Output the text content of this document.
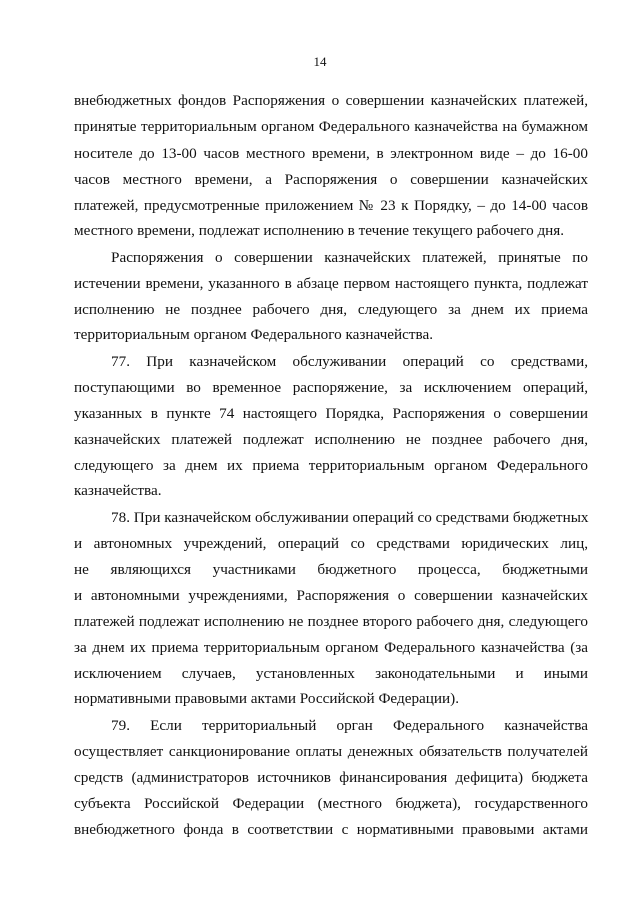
14
внебюджетных фондов Распоряжения о совершении казначейских платежей,
принятые территориальным органом Федерального казначейства на бумажном
носителе до 13-00 часов местного времени, в электронном виде – до 16-00
часов местного времени, а Распоряжения о совершении казначейских
платежей, предусмотренные приложением № 23 к Порядку, – до 14-00 часов
местного времени, подлежат исполнению в течение текущего рабочего дня.
Распоряжения о совершении казначейских платежей, принятые по
истечении времени, указанного в абзаце первом настоящего пункта, подлежат
исполнению не позднее рабочего дня, следующего за днем их приема
территориальным органом Федерального казначейства.
77. При казначейском обслуживании операций со средствами,
поступающими во временное распоряжение, за исключением операций,
указанных в пункте 74 настоящего Порядка, Распоряжения о совершении
казначейских платежей подлежат исполнению не позднее рабочего дня,
следующего за днем их приема территориальным органом Федерального
казначейства.
78. При казначейском обслуживании операций со средствами бюджетных
и автономных учреждений, операций со средствами юридических лиц,
не являющихся участниками бюджетного процесса, бюджетными
и автономными учреждениями, Распоряжения о совершении казначейских
платежей подлежат исполнению не позднее второго рабочего дня, следующего
за днем их приема территориальным органом Федерального казначейства (за
исключением случаев, установленных законодательными и иными
нормативными правовыми актами Российской Федерации).
79. Если территориальный орган Федерального казначейства
осуществляет санкционирование оплаты денежных обязательств получателей
средств (администраторов источников финансирования дефицита) бюджета
субъекта Российской Федерации (местного бюджета), государственного
внебюджетного фонда в соответствии с нормативными правовыми актами
